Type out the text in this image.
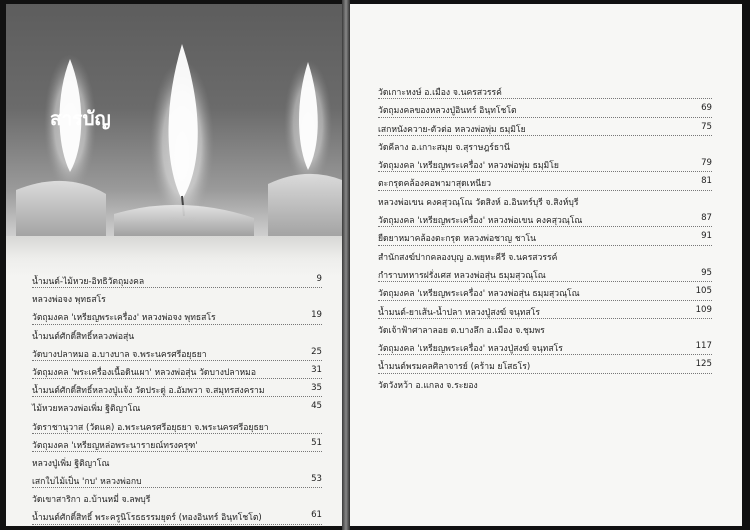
สารบัญ
น้ำมนต์-ไม้หวย-อิทธิวัตถุมงคล	9
หลวงพ่อจง พุทธสโร
วัตถุมงคล 'เหรียญพระเครื่อง' หลวงพ่อจง พุทธสโร	19
น้ำมนต์ศักดิ์สิทธิ์หลวงพ่อสุ่น
วัดบางปลาหมอ อ.บางบาล จ.พระนครศรีอยุธยา	25
วัตถุมงคล 'พระเครื่องเนื้อดินเผา' หลวงพ่อสุ่น วัดบางปลาหมอ	31
น้ำมนต์ศักดิ์สิทธิ์หลวงปู่แจ้ง วัดประดู่ อ.อัมพวา จ.สมุทรสงคราม	35
ไม้หวยหลวงพ่อเพิ่ม ฐิติญาโณ	45
วัดราชานุวาส (วัดแค) อ.พระนครศรีอยุธยา จ.พระนครศรีอยุธยา
วัตถุมงคล 'เหรียญหล่อพระนารายณ์ทรงครุฑ'	51
หลวงปู่เพิ่ม ฐิติญาโณ
เสกใบไม้เป็น 'กบ' หลวงพ่อกบ	53
วัดเขาสาริกา อ.บ้านหมี่ จ.ลพบุรี
น้ำมนต์ศักดิ์สิทธิ์ พระครูนิโรธธรรมยุตร์ (ทองอินทร์ อินฺทโชโต)	61
วัดเกาะหงษ์ อ.เมือง จ.นครสวรรค์
วัตถุมงคลของหลวงปู่อินทร์ อินฺทโชโต	69
เสกหนังควาย-ตัวต่อ หลวงพ่อพุ่ม ธมฺมิโย	75
วัดคีลาง อ.เกาะสมุย จ.สุราษฎร์ธานี
วัตถุมงคล 'เหรียญพระเครื่อง' หลวงพ่อพุ่ม ธมฺมิโย	79
ตะกรุดคล้องคอพามาสุดเหนียว	81
หลวงพ่อเขน คงคสุวณฺโณ วัดสิงห์ อ.อินทร์บุรี จ.สิงห์บุรี
วัตถุมงคล 'เหรียญพระเครื่อง' หลวงพ่อเขน คงคสุวณฺโณ	87
ยืดยาหมาคล้องตะกรุด หลวงพ่อชาญ ชาโน	91
สำนักสงฆ์ปากคลองบุญ อ.พยุหะคีรี จ.นครสวรรค์
กำราบทหารฝรั่งเศส หลวงพ่อสุ่น ธมฺมสุวณฺโณ	95
วัตถุมงคล 'เหรียญพระเครื่อง' หลวงพ่อสุ่น ธมฺมสุวณฺโณ	105
น้ำมนต์-ยาเส้น-น้ำปลา หลวงปู่สงฆ์ จนฺทสโร	109
วัดเจ้าฟ้าศาลาลอย ต.บางลึก อ.เมือง จ.ชุมพร
วัตถุมงคล 'เหรียญพระเครื่อง' หลวงปู่สงฆ์ จนฺทสโร	117
น้ำมนต์พรมคลศิลาจารย์ (คร้าม ยโสธโร)	125
วัดวังหว้า อ.แกลง จ.ระยอง
